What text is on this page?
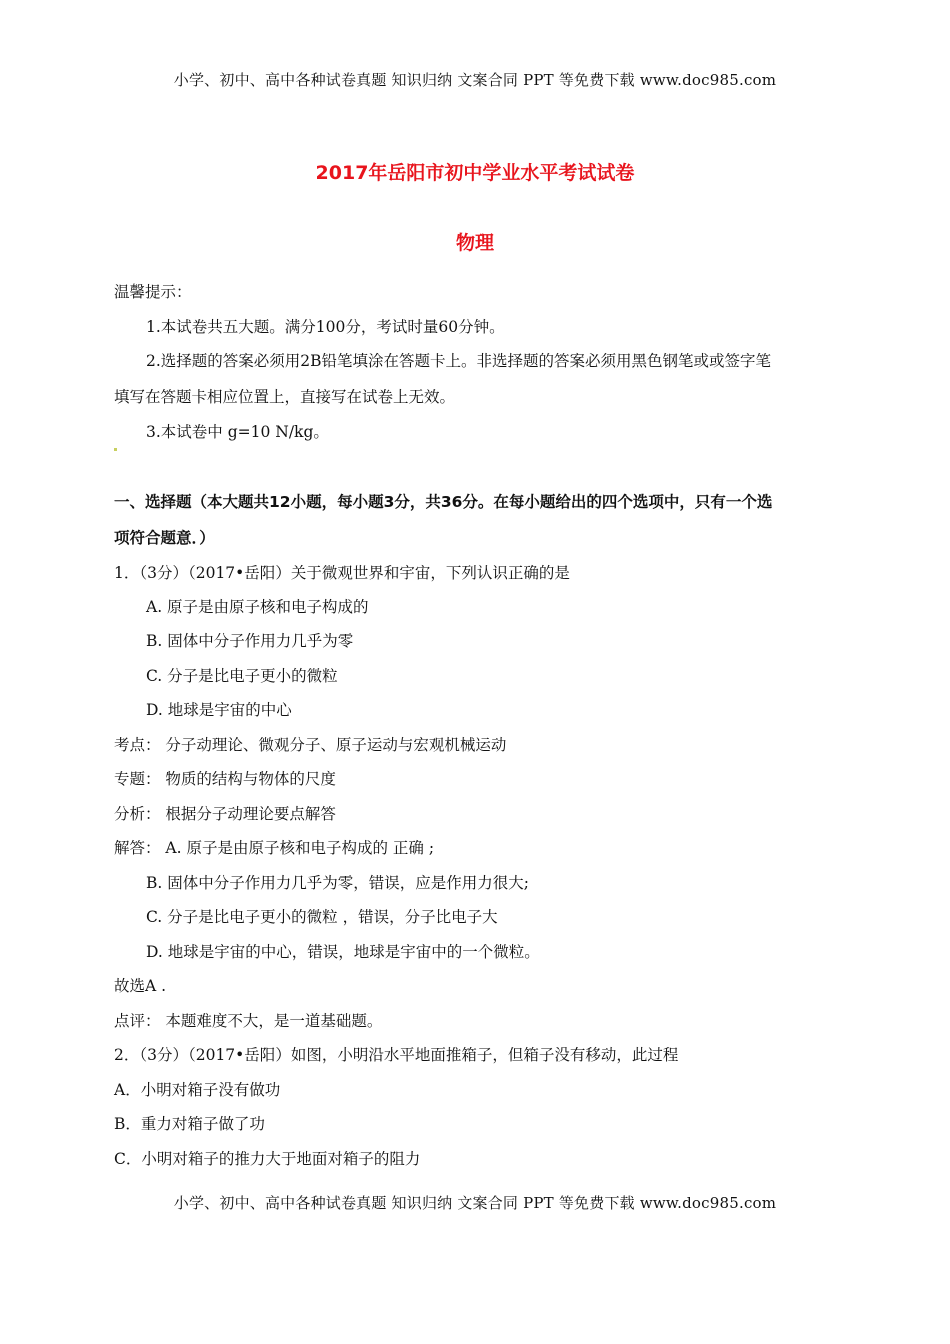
小学、初中、高中各种试卷真题 知识归纳 文案合同 PPT 等免费下载 www.doc985.com
2017年岳阳市初中学业水平考试试卷
物理
温馨提示：
1.本试卷共五大题。满分100分，考试时量60分钟。
2.选择题的答案必须用2B铅笔填涂在答题卡上。非选择题的答案必须用黑色钢笔或或签字笔
填写在答题卡相应位置上，直接写在试卷上无效。
3.本试卷中 g=10 N/kg。
一、选择题（本大题共12小题，每小题3分，共36分。在每小题给出的四个选项中，只有一个选
项符合题意．）
1．（3分）（2017•岳阳）关于微观世界和宇宙，下列认识正确的是
A. 原子是由原子核和电子构成的
B. 固体中分子作用力几乎为零
C. 分子是比电子更小的微粒
D. 地球是宇宙的中心
考点： 分子动理论、微观分子、原子运动与宏观机械运动
专题： 物质的结构与物体的尺度
分析： 根据分子动理论要点解答
解答： A. 原子是由原子核和电子构成的 正确 ;
B. 固体中分子作用力几乎为零，错误，应是作用力很大;
C. 分子是比电子更小的微粒 ，错误，分子比电子大
D. 地球是宇宙的中心，错误，地球是宇宙中的一个微粒。
故选A .
点评： 本题难度不大，是一道基础题。
2．（3分）（2017•岳阳）如图，小明沿水平地面推箱子，但箱子没有移动，此过程
A．小明对箱子没有做功
B．重力对箱子做了功
C．小明对箱子的推力大于地面对箱子的阻力
小学、初中、高中各种试卷真题 知识归纳 文案合同 PPT 等免费下载 www.doc985.com
